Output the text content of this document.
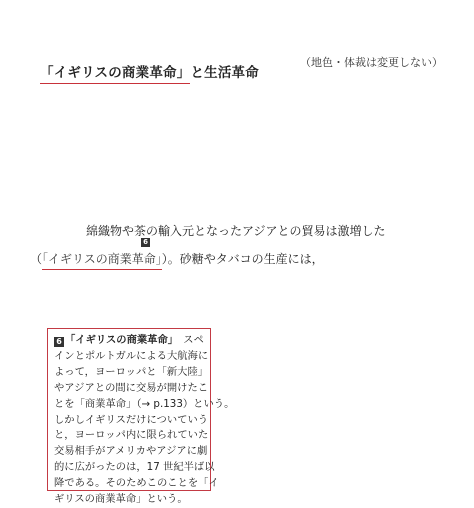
「イギリスの商業革命」と生活革命
（地色・体裁は変更しない）
綿織物や茶の輸入元となったアジアとの貿易は激増した
6
（「イギリスの商業革命」）。砂糖やタバコの生産には，

6 「イギリスの商業革命」　スペ

インとポルトガルによる大航海に

よって，ヨーロッパと「新大陸」

やアジアとの間に交易が開けたこ

とを「商業革命」（→ p.133）という。

しかしイギリスだけについていう

と，ヨーロッパ内に限られていた

交易相手がアメリカやアジアに劇

的に広がったのは，17 世紀半ば以

降である。そのためこのことを「イ

ギリスの商業革命」という。
